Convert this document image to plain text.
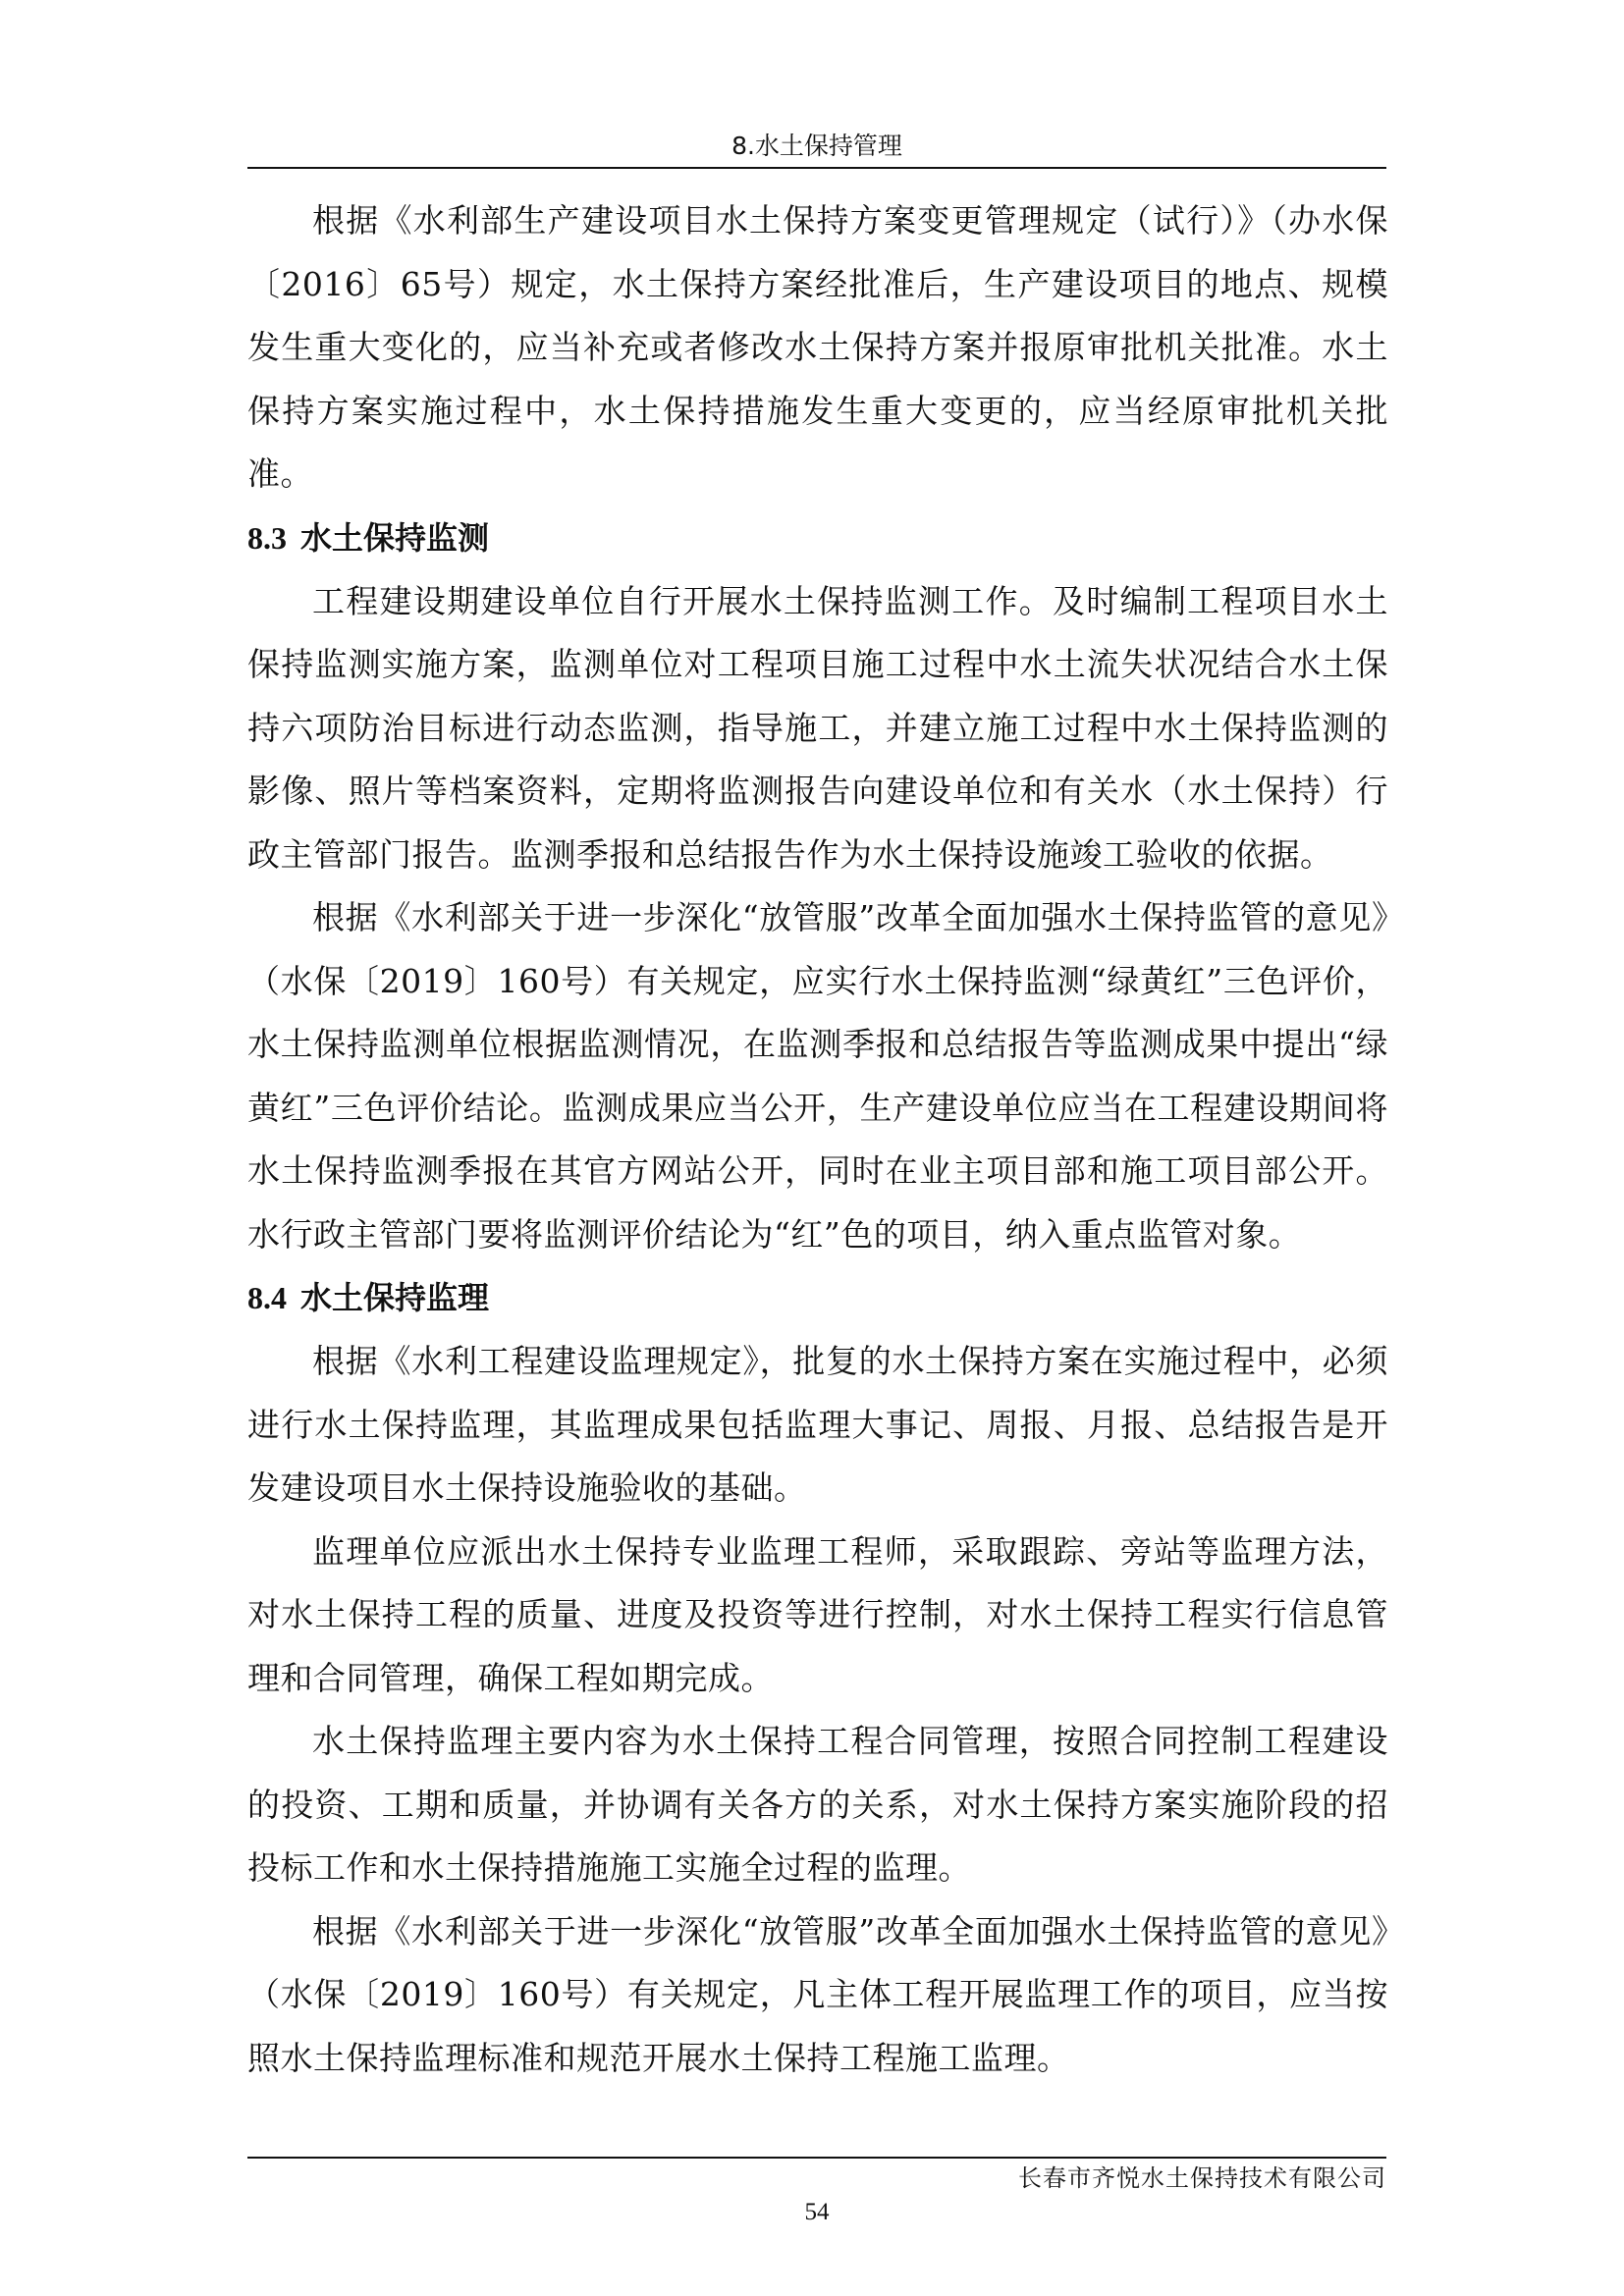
8.水土保持管理

根据《水利部生产建设项目水土保持方案变更管理规定（试行）》（办水保〔2016〕65号）规定，水土保持方案经批准后，生产建设项目的地点、规模发生重大变化的，应当补充或者修改水土保持方案并报原审批机关批准。水土保持方案实施过程中，水土保持措施发生重大变更的，应当经原审批机关批准。

8.3 水土保持监测

工程建设期建设单位自行开展水土保持监测工作。及时编制工程项目水土保持监测实施方案，监测单位对工程项目施工过程中水土流失状况结合水土保持六项防治目标进行动态监测，指导施工，并建立施工过程中水土保持监测的影像、照片等档案资料，定期将监测报告向建设单位和有关水（水土保持）行政主管部门报告。监测季报和总结报告作为水土保持设施竣工验收的依据。

根据《水利部关于进一步深化“放管服”改革全面加强水土保持监管的意见》（水保〔2019〕160号）有关规定，应实行水土保持监测“绿黄红”三色评价，水土保持监测单位根据监测情况，在监测季报和总结报告等监测成果中提出“绿黄红”三色评价结论。监测成果应当公开，生产建设单位应当在工程建设期间将水土保持监测季报在其官方网站公开，同时在业主项目部和施工项目部公开。水行政主管部门要将监测评价结论为“红”色的项目，纳入重点监管对象。

8.4 水土保持监理

根据《水利工程建设监理规定》，批复的水土保持方案在实施过程中，必须进行水土保持监理，其监理成果包括监理大事记、周报、月报、总结报告是开发建设项目水土保持设施验收的基础。

监理单位应派出水土保持专业监理工程师，采取跟踪、旁站等监理方法，对水土保持工程的质量、进度及投资等进行控制，对水土保持工程实行信息管理和合同管理，确保工程如期完成。

水土保持监理主要内容为水土保持工程合同管理，按照合同控制工程建设的投资、工期和质量，并协调有关各方的关系，对水土保持方案实施阶段的招投标工作和水土保持措施施工实施全过程的监理。

根据《水利部关于进一步深化“放管服”改革全面加强水土保持监管的意见》（水保〔2019〕160号）有关规定，凡主体工程开展监理工作的项目，应当按照水土保持监理标准和规范开展水土保持工程施工监理。

长春市齐悦水土保持技术有限公司
54
